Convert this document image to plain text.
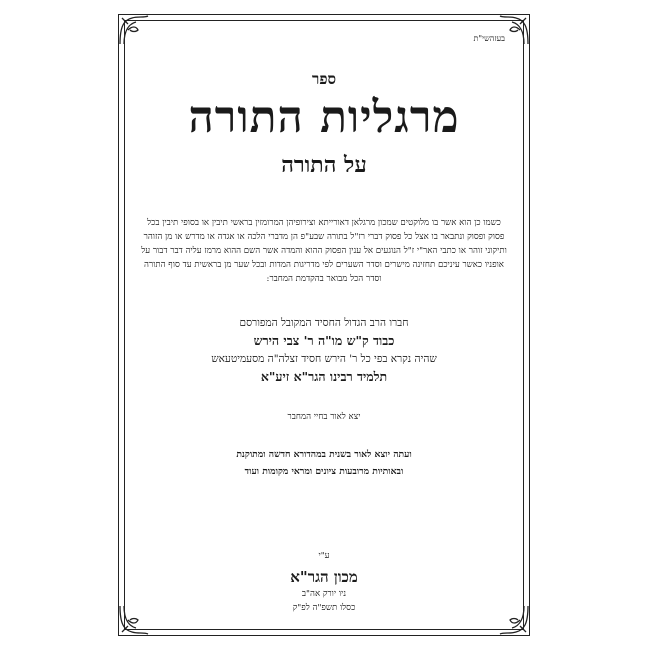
בעזהשי"ת
ספר
מרגליות התורה
על התורה
כשמו כן הוא אשר בו מלוקטים שמכון מרגלאן דאורייתא וצירופיהן המרומזין בראשי תיבין או בסופי תיבין בכל פסוק ופסוק ונתבאר בו אצל כל פסוק דברי רז"ל בתורה שבע"פ הן מדברי הלכה או אגדה או מדרש או מן הזוהר ותיקוני זוהר או כתבי האר"י ז"ל הנוגעים אל ענין הפסוק ההוא והמדה אשר השם ההוא מרמז עליה דבר דבור על אופניו כאשר עיניכם תחזינה מישרים וסדר השערים לפי מדריגות המדות ובכל שער מן בראשית עד סוף התורה וסדר הכל מבואר בהקדמת המחבר:
חברו הרב הגדול החסיד המקובל המפורסם
כבוד ק"ש מו"ה ר' צבי הירש
שהיה נקרא בפי כל ר' הירש חסיד זצלה"ה מסעמיטעאש
תלמיד רבינו הגר"א זיע"א
יצא לאור בחיי המחבר
ועתה יוצא לאור בשנית במהדורא חדשה ומתוקנת
ובאותיות מרובעות ציונים ומראי מקומות ועוד
ע"י
מכון הגר"א
ניו יורק אה"ב
כסלו תשפ"ה לפ"ק
